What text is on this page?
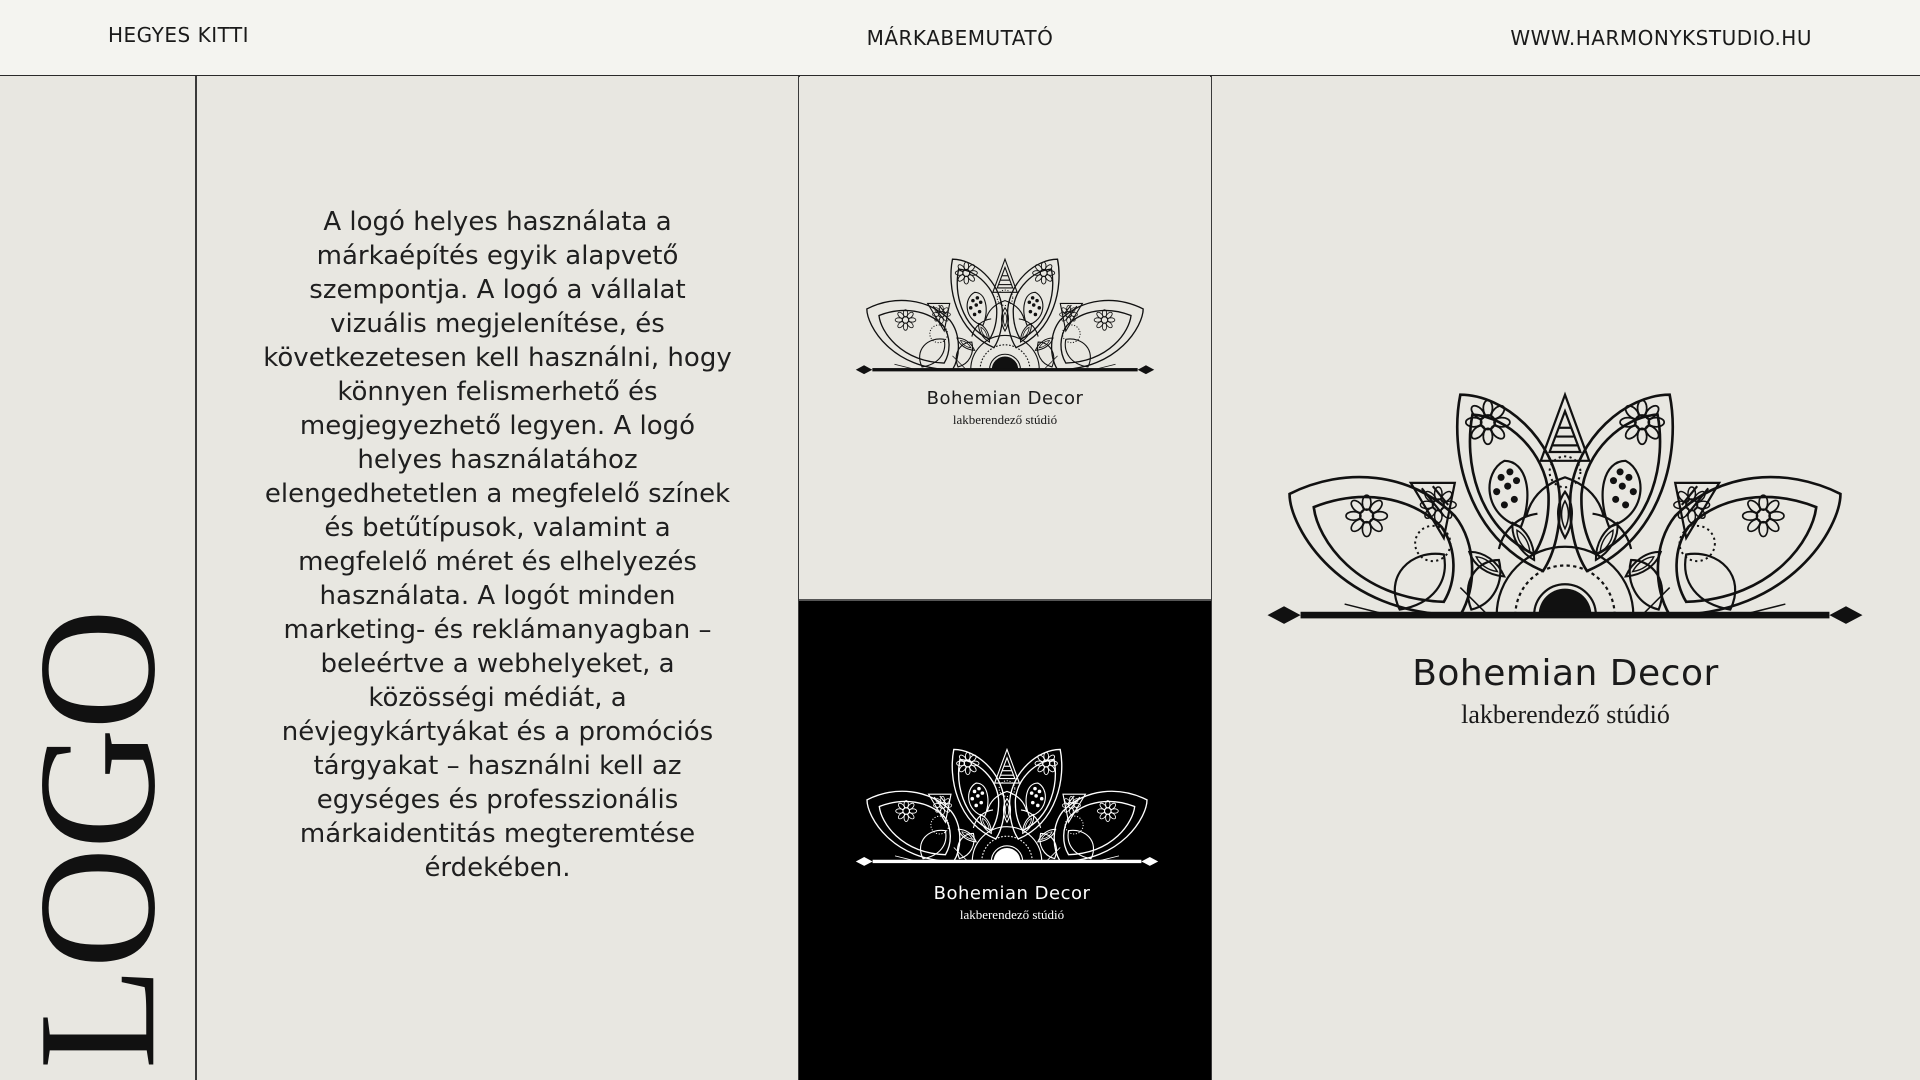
HEGYES KITTI	MÁRKABEMUTATÓ	WWW.HARMONYKSTUDIO.HU
LOGO

A logó helyes használata a márkaépítés egyik alapvető szempontja. A logó a vállalat vizuális megjelenítése, és következetesen kell használni, hogy könnyen felismerhető és megjegyezhető legyen. A logó helyes használatához elengedhetetlen a megfelelő színek és betűtípusok, valamint a megfelelő méret és elhelyezés használata. A logót minden marketing- és reklámanyagban – beleértve a webhelyeket, a közösségi médiát, a névjegykártyákat és a promóciós tárgyakat – használni kell az egységes és professzionális márkaidentitás megteremtése érdekében.

Bohemian Decor
lakberendező stúdió
Bohemian Decor
lakberendező stúdió
Bohemian Decor
lakberendező stúdió
